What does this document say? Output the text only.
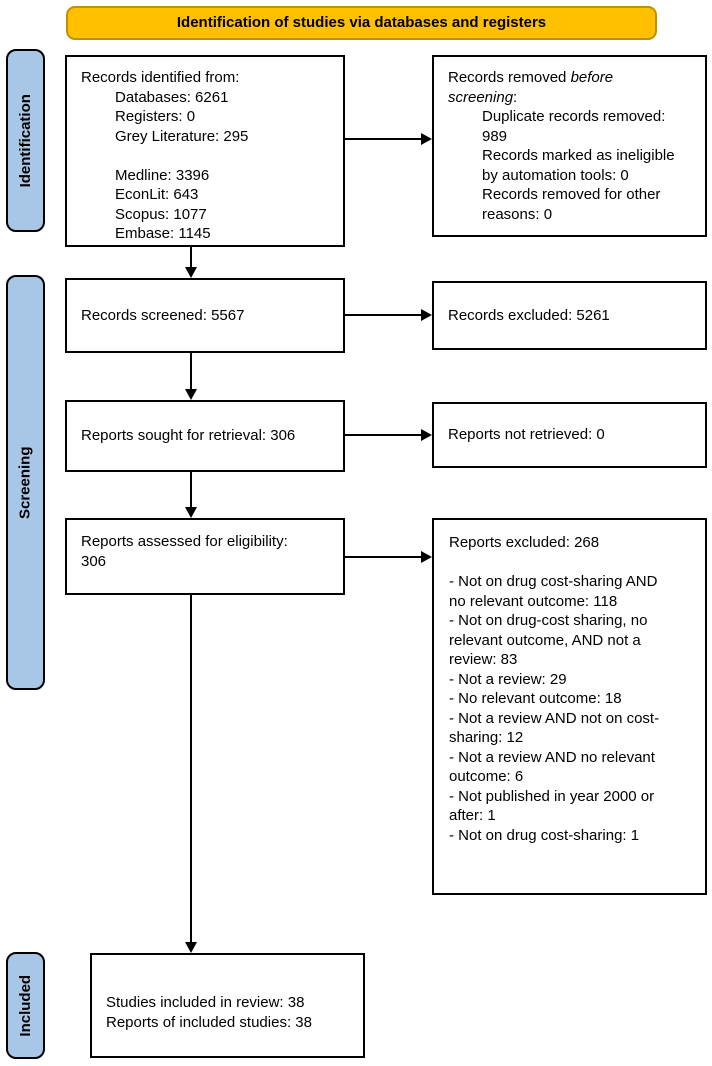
Identification of studies via databases and registers
Identification
Screening
Included
Records identified from:
Databases: 6261
Registers: 0
Grey Literature: 295

Medline: 3396
EconLit: 643
Scopus: 1077
Embase: 1145
Records removed before screening:
Duplicate records removed: 989
Records marked as ineligible by automation tools: 0
Records removed for other reasons: 0
Records screened: 5567	Records excluded: 5261
Reports sought for retrieval: 306	Reports not retrieved: 0
Reports assessed for eligibility: 306
Reports excluded: 268
- Not on drug cost-sharing AND no relevant outcome: 118
- Not on drug-cost sharing, no relevant outcome, AND not a review: 83
- Not a review: 29
- No relevant outcome: 18
- Not a review AND not on cost-sharing: 12
- Not a review AND no relevant outcome: 6
- Not published in year 2000 or after: 1
- Not on drug cost-sharing: 1
Studies included in review: 38
Reports of included studies: 38
